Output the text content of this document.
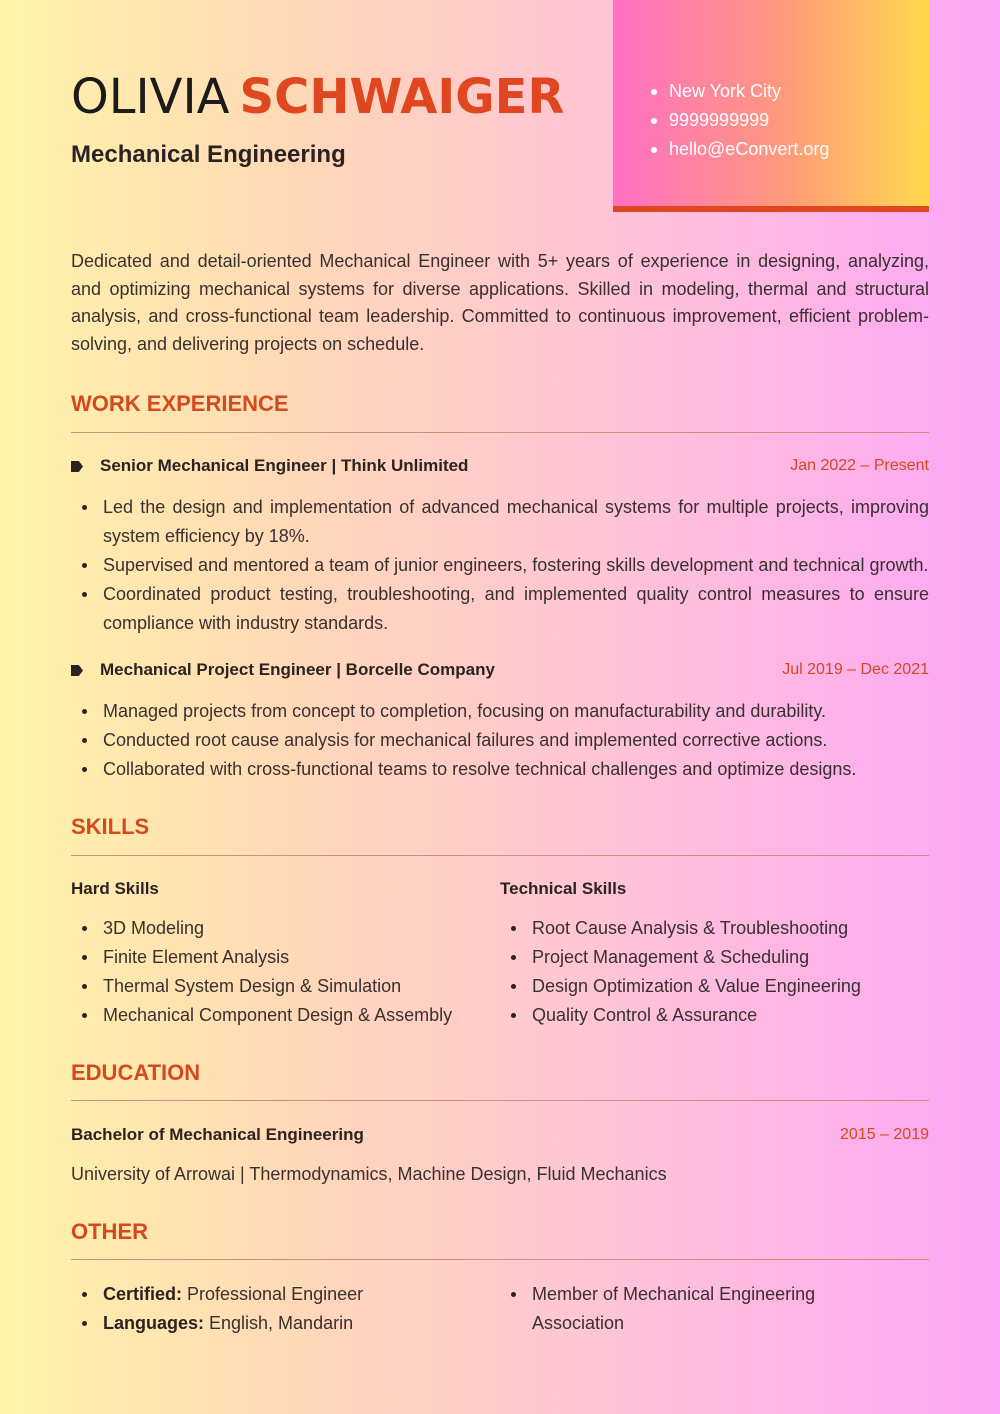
OLIVIA SCHWAIGER
Mechanical Engineering
New York City
9999999999
hello@eConvert.org

Dedicated and detail-oriented Mechanical Engineer with 5+ years of experience in designing, analyzing, and optimizing mechanical systems for diverse applications. Skilled in modeling, thermal and structural analysis, and cross-functional team leadership. Committed to continuous improvement, efficient problem-solving, and delivering projects on schedule.

WORK EXPERIENCE
Senior Mechanical Engineer | Think Unlimited	Jan 2022 – Present
Led the design and implementation of advanced mechanical systems for multiple projects, improving system efficiency by 18%.
Supervised and mentored a team of junior engineers, fostering skills development and technical growth.
Coordinated product testing, troubleshooting, and implemented quality control measures to ensure compliance with industry standards.
Mechanical Project Engineer | Borcelle Company	Jul 2019 – Dec 2021
Managed projects from concept to completion, focusing on manufacturability and durability.
Conducted root cause analysis for mechanical failures and implemented corrective actions.
Collaborated with cross-functional teams to resolve technical challenges and optimize designs.
SKILLS
Hard Skills
3D Modeling
Finite Element Analysis
Thermal System Design & Simulation
Mechanical Component Design & Assembly
Technical Skills
Root Cause Analysis & Troubleshooting
Project Management & Scheduling
Design Optimization & Value Engineering
Quality Control & Assurance
EDUCATION
Bachelor of Mechanical Engineering	2015 – 2019
University of Arrowai | Thermodynamics, Machine Design, Fluid Mechanics
OTHER
Certified: Professional Engineer
Languages: English, Mandarin
Member of Mechanical Engineering Association
